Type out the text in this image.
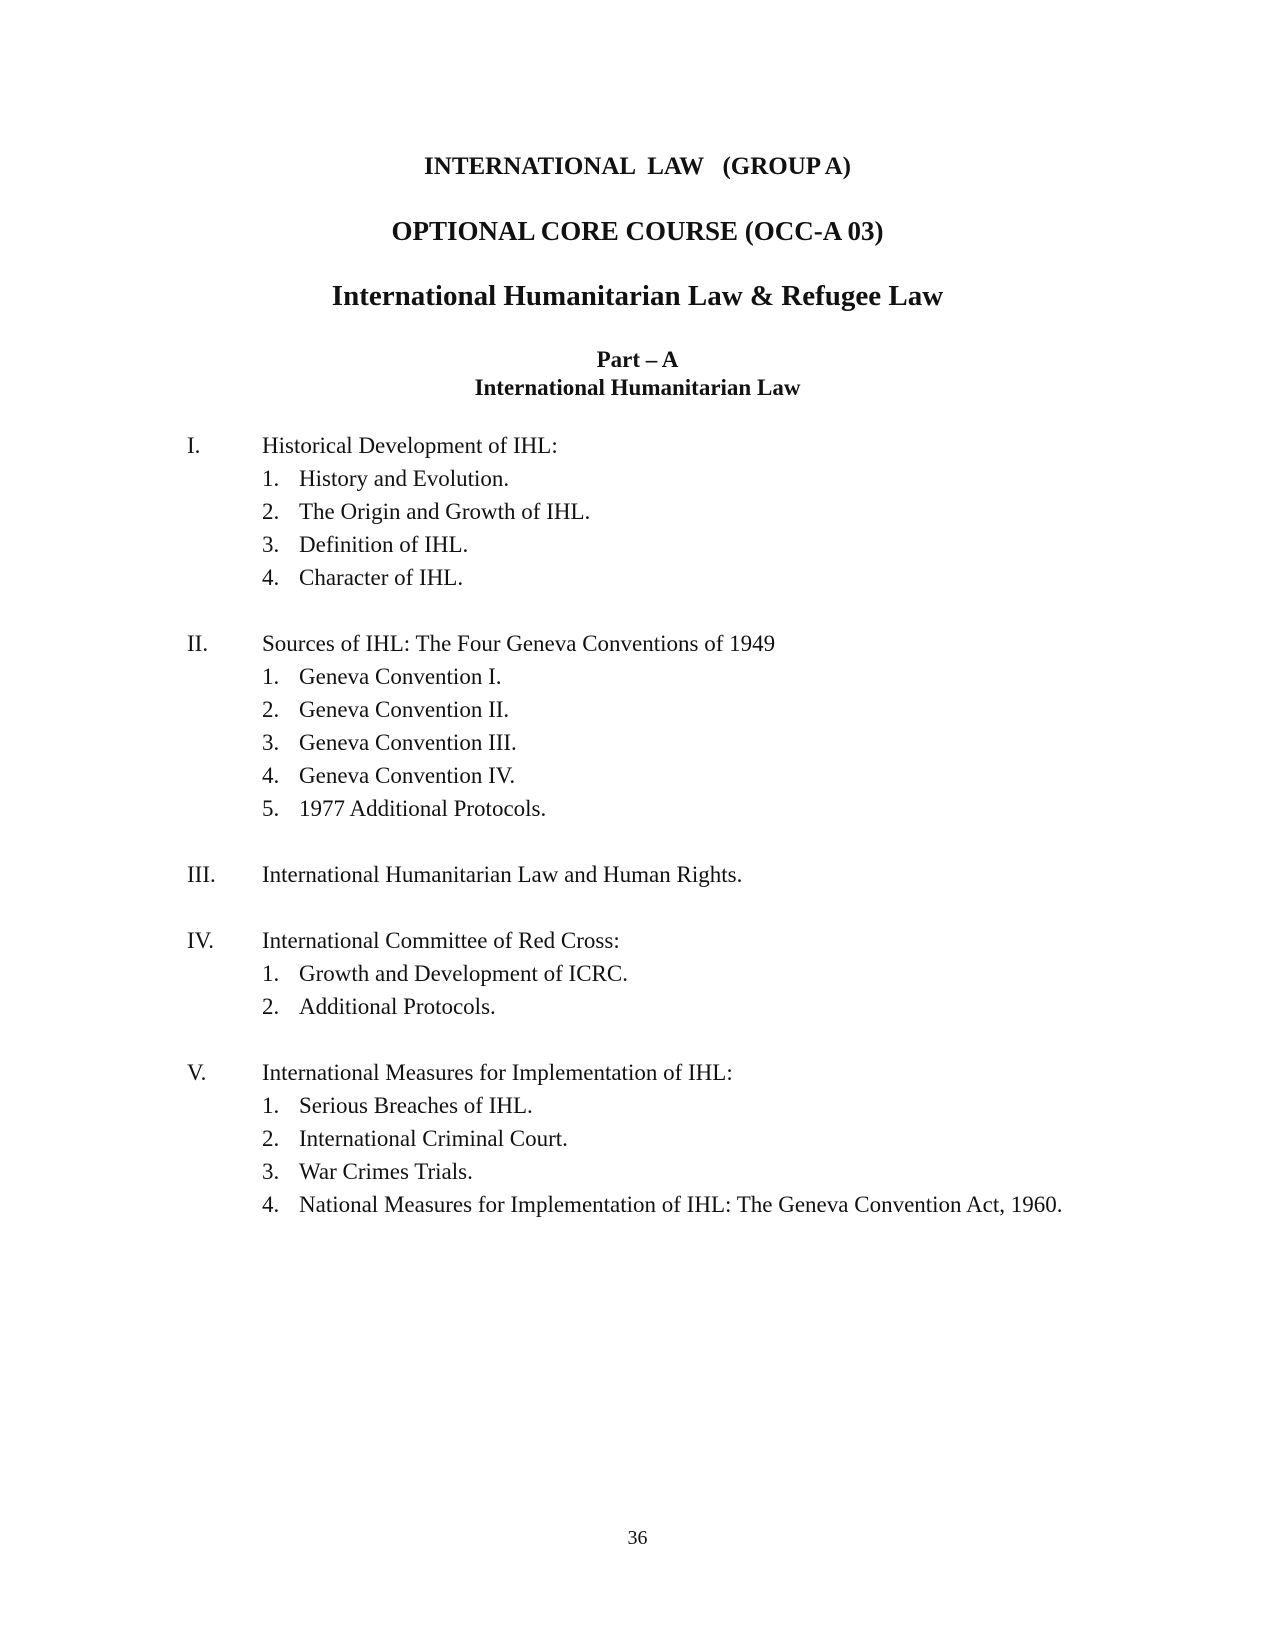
INTERNATIONAL  LAW   (GROUP A)
OPTIONAL CORE COURSE (OCC-A 03)
International Humanitarian Law & Refugee Law
Part – A
International Humanitarian Law
I.	Historical Development of IHL:
1. History and Evolution.
2. The Origin and Growth of IHL.
3. Definition of IHL.
4. Character of IHL.
II. Sources of IHL: The Four Geneva Conventions of 1949
1. Geneva Convention I.
2. Geneva Convention II.
3. Geneva Convention III.
4. Geneva Convention IV.
5. 1977 Additional Protocols.
III. International Humanitarian Law and Human Rights.
IV. International Committee of Red Cross:
1. Growth and Development of ICRC.
2. Additional Protocols.
V. International Measures for Implementation of IHL:
1. Serious Breaches of IHL.
2. International Criminal Court.
3. War Crimes Trials.
4. National Measures for Implementation of IHL: The Geneva Convention Act, 1960.
36
